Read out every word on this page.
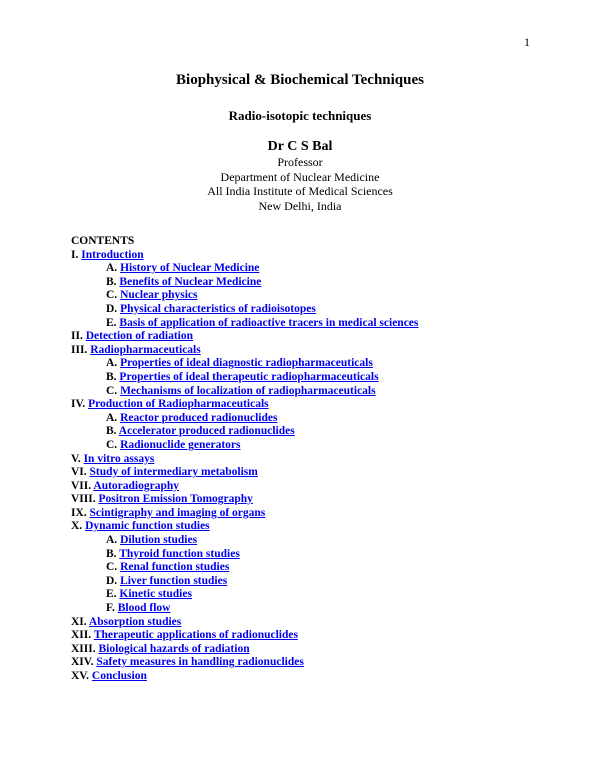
1
Biophysical & Biochemical Techniques
Radio-isotopic techniques
Dr C S Bal
Professor
Department of Nuclear Medicine
All India Institute of Medical Sciences
New Delhi, India
CONTENTS
I. Introduction
A. History of Nuclear Medicine
B. Benefits of Nuclear Medicine
C. Nuclear physics
D. Physical characteristics of radioisotopes
E. Basis of application of radioactive tracers in medical sciences
II. Detection of radiation
III. Radiopharmaceuticals
A. Properties of ideal diagnostic radiopharmaceuticals
B. Properties of ideal therapeutic radiopharmaceuticals
C. Mechanisms of localization of radiopharmaceuticals
IV. Production of Radiopharmaceuticals
A. Reactor produced radionuclides
B. Accelerator produced radionuclides
C. Radionuclide generators
V. In vitro assays
VI. Study of intermediary metabolism
VII. Autoradiography
VIII. Positron Emission Tomography
IX. Scintigraphy and imaging of organs
X. Dynamic function studies
A. Dilution studies
B. Thyroid function studies
C. Renal function studies
D. Liver function studies
E. Kinetic studies
F. Blood flow
XI. Absorption studies
XII. Therapeutic applications of radionuclides
XIII. Biological hazards of radiation
XIV. Safety measures in handling radionuclides
XV. Conclusion
